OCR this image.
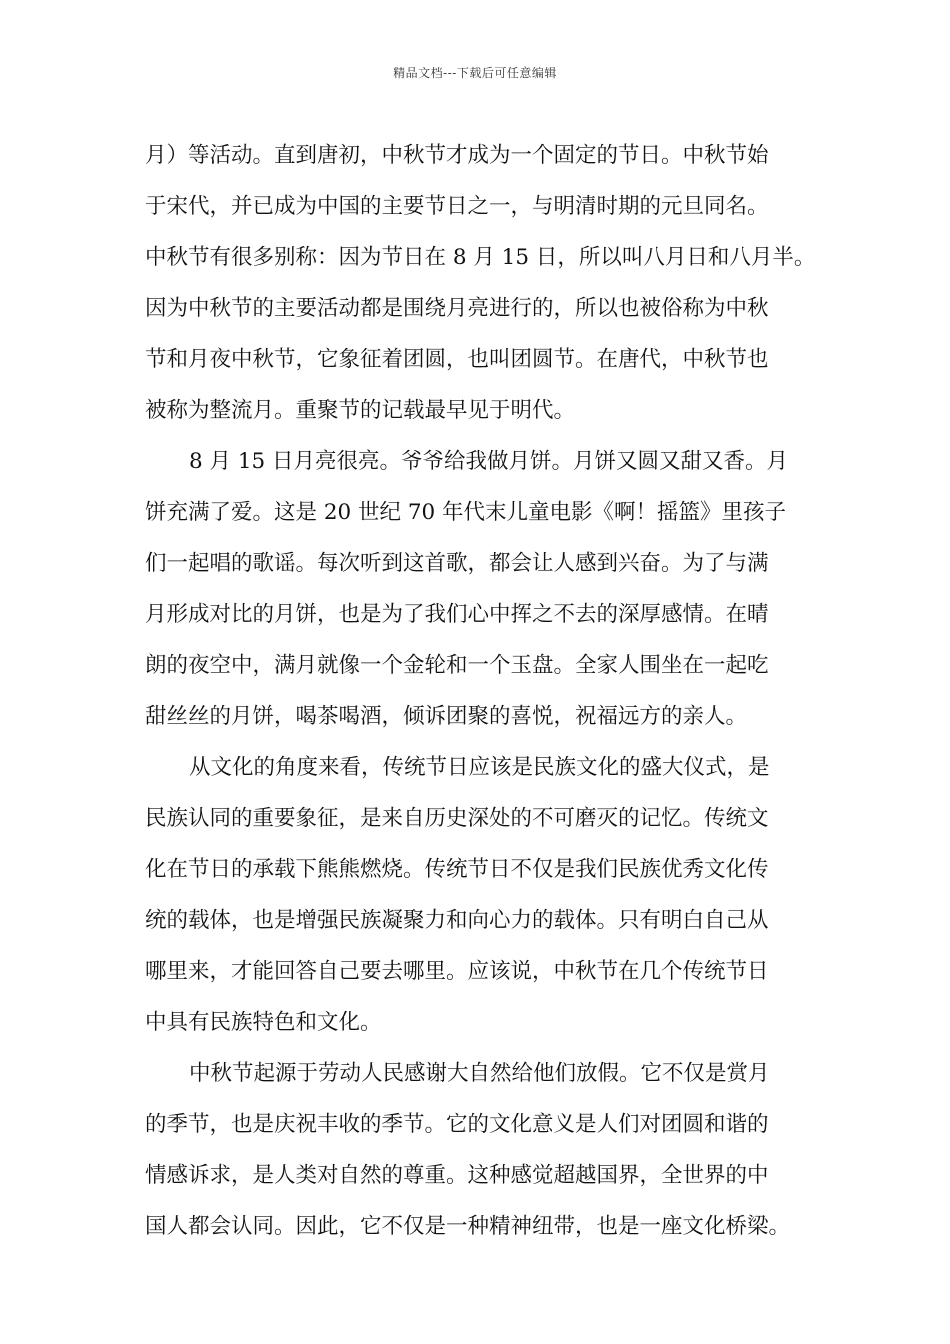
精品文档---下载后可任意编辑

月）等活动。直到唐初，中秋节才成为一个固定的节日。中秋节始
于宋代，并已成为中国的主要节日之一，与明清时期的元旦同名。
中秋节有很多别称：因为节日在 8 月 15 日，所以叫八月日和八月半。
因为中秋节的主要活动都是围绕月亮进行的，所以也被俗称为中秋
节和月夜中秋节，它象征着团圆，也叫团圆节。在唐代，中秋节也
被称为整流月。重聚节的记载最早见于明代。

8 月 15 日月亮很亮。爷爷给我做月饼。月饼又圆又甜又香。月
饼充满了爱。这是 20 世纪 70 年代末儿童电影《啊！摇篮》里孩子
们一起唱的歌谣。每次听到这首歌，都会让人感到兴奋。为了与满
月形成对比的月饼，也是为了我们心中挥之不去的深厚感情。在晴
朗的夜空中，满月就像一个金轮和一个玉盘。全家人围坐在一起吃
甜丝丝的月饼，喝茶喝酒，倾诉团聚的喜悦，祝福远方的亲人。

从文化的角度来看，传统节日应该是民族文化的盛大仪式，是
民族认同的重要象征，是来自历史深处的不可磨灭的记忆。传统文
化在节日的承载下熊熊燃烧。传统节日不仅是我们民族优秀文化传
统的载体，也是增强民族凝聚力和向心力的载体。只有明白自己从
哪里来，才能回答自己要去哪里。应该说，中秋节在几个传统节日
中具有民族特色和文化。

中秋节起源于劳动人民感谢大自然给他们放假。它不仅是赏月
的季节，也是庆祝丰收的季节。它的文化意义是人们对团圆和谐的
情感诉求，是人类对自然的尊重。这种感觉超越国界，全世界的中
国人都会认同。因此，它不仅是一种精神纽带，也是一座文化桥梁。
